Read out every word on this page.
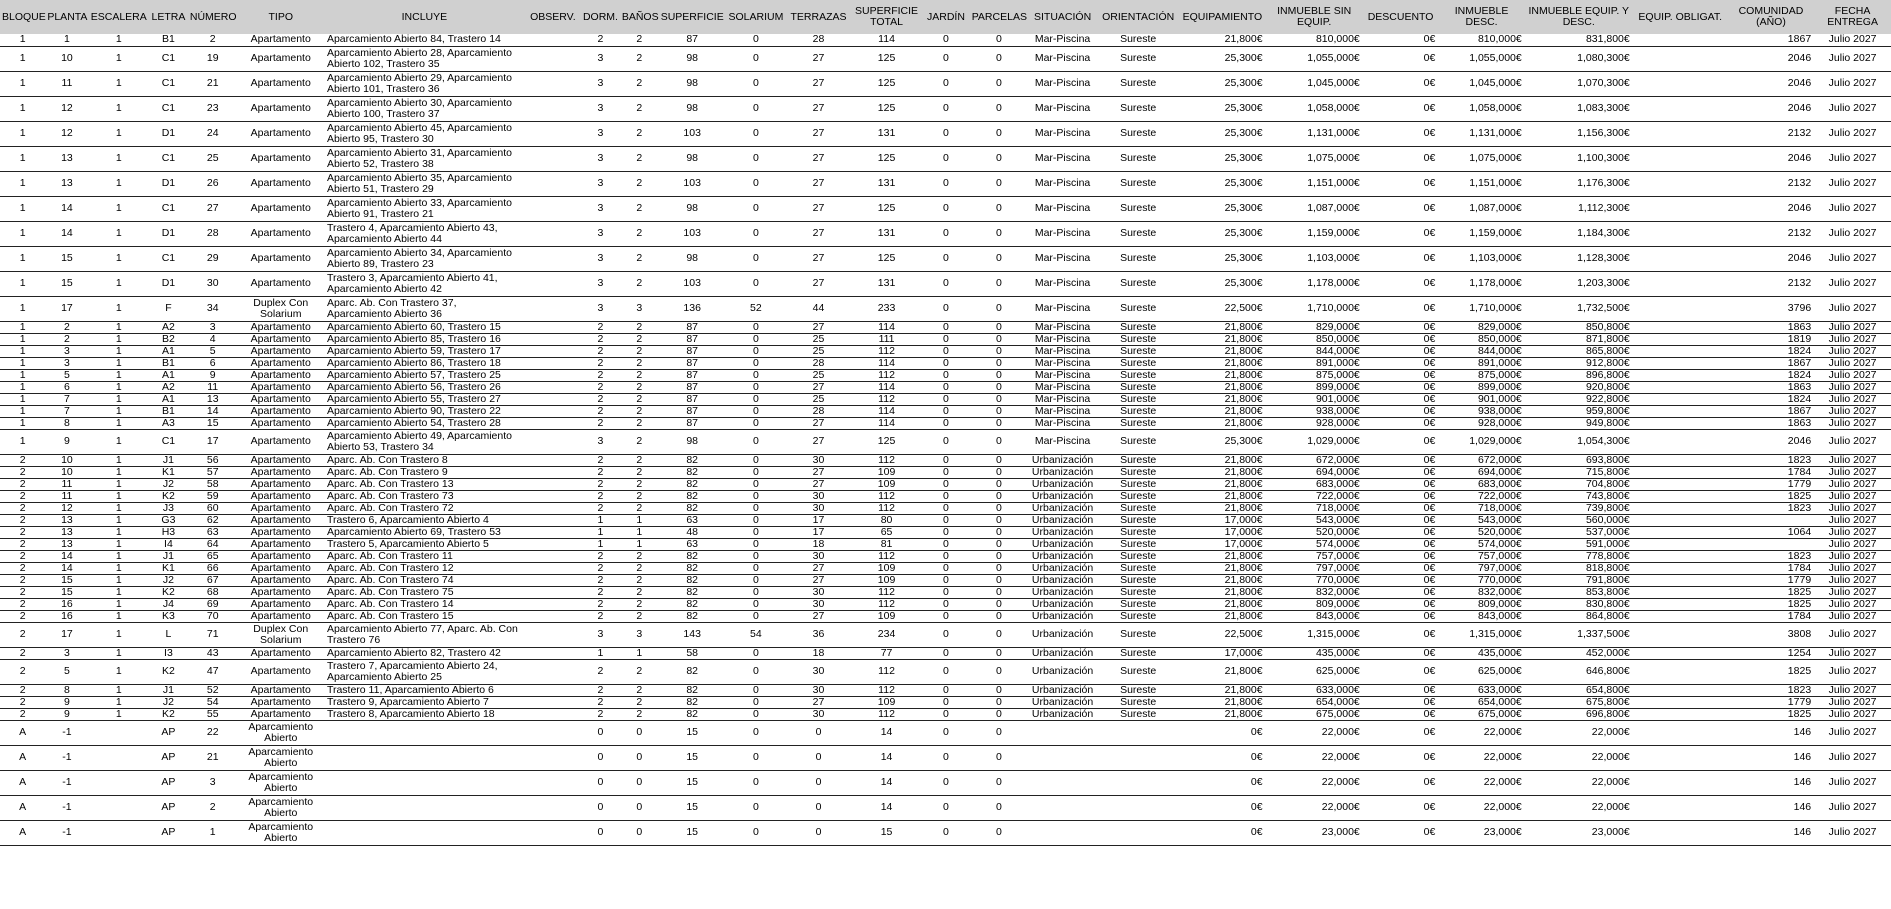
BLOQUE	PLANTA	ESCALERA	LETRA	NÚMERO	TIPO	INCLUYE	OBSERV.	DORM.	BAÑOS	SUPERFICIE	SOLARIUM	TERRAZAS	SUPERFICIE TOTAL	JARDÍN	PARCELAS	SITUACIÓN	ORIENTACIÓN	EQUIPAMIENTO	INMUEBLE SIN EQUIP.	DESCUENTO	INMUEBLE DESC.	INMUEBLE EQUIP. Y DESC.	EQUIP. OBLIGAT.	COMUNIDAD (AÑO)	FECHA ENTREGA
1	1	1	B1	2	Apartamento	Aparcamiento Abierto 84, Trastero 14		2	2	87	0	28	114	0	0	Mar-Piscina	Sureste	21,800€	810,000€	0€	810,000€	831,800€		1867	Julio 2027
1	10	1	C1	19	Apartamento	Aparcamiento Abierto 28, Aparcamiento Abierto 102, Trastero 35		3	2	98	0	27	125	0	0	Mar-Piscina	Sureste	25,300€	1,055,000€	0€	1,055,000€	1,080,300€		2046	Julio 2027
1	11	1	C1	21	Apartamento	Aparcamiento Abierto 29, Aparcamiento Abierto 101, Trastero 36		3	2	98	0	27	125	0	0	Mar-Piscina	Sureste	25,300€	1,045,000€	0€	1,045,000€	1,070,300€		2046	Julio 2027
1	12	1	C1	23	Apartamento	Aparcamiento Abierto 30, Aparcamiento Abierto 100, Trastero 37		3	2	98	0	27	125	0	0	Mar-Piscina	Sureste	25,300€	1,058,000€	0€	1,058,000€	1,083,300€		2046	Julio 2027
1	12	1	D1	24	Apartamento	Aparcamiento Abierto 45, Aparcamiento Abierto 95, Trastero 30		3	2	103	0	27	131	0	0	Mar-Piscina	Sureste	25,300€	1,131,000€	0€	1,131,000€	1,156,300€		2132	Julio 2027
1	13	1	C1	25	Apartamento	Aparcamiento Abierto 31, Aparcamiento Abierto 52, Trastero 38		3	2	98	0	27	125	0	0	Mar-Piscina	Sureste	25,300€	1,075,000€	0€	1,075,000€	1,100,300€		2046	Julio 2027
1	13	1	D1	26	Apartamento	Aparcamiento Abierto 35, Aparcamiento Abierto 51, Trastero 29		3	2	103	0	27	131	0	0	Mar-Piscina	Sureste	25,300€	1,151,000€	0€	1,151,000€	1,176,300€		2132	Julio 2027
1	14	1	C1	27	Apartamento	Aparcamiento Abierto 33, Aparcamiento Abierto 91, Trastero 21		3	2	98	0	27	125	0	0	Mar-Piscina	Sureste	25,300€	1,087,000€	0€	1,087,000€	1,112,300€		2046	Julio 2027
1	14	1	D1	28	Apartamento	Trastero 4, Aparcamiento Abierto 43, Aparcamiento Abierto 44		3	2	103	0	27	131	0	0	Mar-Piscina	Sureste	25,300€	1,159,000€	0€	1,159,000€	1,184,300€		2132	Julio 2027
1	15	1	C1	29	Apartamento	Aparcamiento Abierto 34, Aparcamiento Abierto 89, Trastero 23		3	2	98	0	27	125	0	0	Mar-Piscina	Sureste	25,300€	1,103,000€	0€	1,103,000€	1,128,300€		2046	Julio 2027
1	15	1	D1	30	Apartamento	Trastero 3, Aparcamiento Abierto 41, Aparcamiento Abierto 42		3	2	103	0	27	131	0	0	Mar-Piscina	Sureste	25,300€	1,178,000€	0€	1,178,000€	1,203,300€		2132	Julio 2027
1	17	1	F	34	Duplex Con Solarium	Aparc. Ab. Con Trastero 37, Aparcamiento Abierto 36		3	3	136	52	44	233	0	0	Mar-Piscina	Sureste	22,500€	1,710,000€	0€	1,710,000€	1,732,500€		3796	Julio 2027
1	2	1	A2	3	Apartamento	Aparcamiento Abierto 60, Trastero 15		2	2	87	0	27	114	0	0	Mar-Piscina	Sureste	21,800€	829,000€	0€	829,000€	850,800€		1863	Julio 2027
1	2	1	B2	4	Apartamento	Aparcamiento Abierto 85, Trastero 16		2	2	87	0	25	111	0	0	Mar-Piscina	Sureste	21,800€	850,000€	0€	850,000€	871,800€		1819	Julio 2027
1	3	1	A1	5	Apartamento	Aparcamiento Abierto 59, Trastero 17		2	2	87	0	25	112	0	0	Mar-Piscina	Sureste	21,800€	844,000€	0€	844,000€	865,800€		1824	Julio 2027
1	3	1	B1	6	Apartamento	Aparcamiento Abierto 86, Trastero 18		2	2	87	0	28	114	0	0	Mar-Piscina	Sureste	21,800€	891,000€	0€	891,000€	912,800€		1867	Julio 2027
1	5	1	A1	9	Apartamento	Aparcamiento Abierto 57, Trastero 25		2	2	87	0	25	112	0	0	Mar-Piscina	Sureste	21,800€	875,000€	0€	875,000€	896,800€		1824	Julio 2027
1	6	1	A2	11	Apartamento	Aparcamiento Abierto 56, Trastero 26		2	2	87	0	27	114	0	0	Mar-Piscina	Sureste	21,800€	899,000€	0€	899,000€	920,800€		1863	Julio 2027
1	7	1	A1	13	Apartamento	Aparcamiento Abierto 55, Trastero 27		2	2	87	0	25	112	0	0	Mar-Piscina	Sureste	21,800€	901,000€	0€	901,000€	922,800€		1824	Julio 2027
1	7	1	B1	14	Apartamento	Aparcamiento Abierto 90, Trastero 22		2	2	87	0	28	114	0	0	Mar-Piscina	Sureste	21,800€	938,000€	0€	938,000€	959,800€		1867	Julio 2027
1	8	1	A3	15	Apartamento	Aparcamiento Abierto 54, Trastero 28		2	2	87	0	27	114	0	0	Mar-Piscina	Sureste	21,800€	928,000€	0€	928,000€	949,800€		1863	Julio 2027
1	9	1	C1	17	Apartamento	Aparcamiento Abierto 49, Aparcamiento Abierto 53, Trastero 34		3	2	98	0	27	125	0	0	Mar-Piscina	Sureste	25,300€	1,029,000€	0€	1,029,000€	1,054,300€		2046	Julio 2027
2	10	1	J1	56	Apartamento	Aparc. Ab. Con Trastero 8		2	2	82	0	30	112	0	0	Urbanización	Sureste	21,800€	672,000€	0€	672,000€	693,800€		1823	Julio 2027
2	10	1	K1	57	Apartamento	Aparc. Ab. Con Trastero 9		2	2	82	0	27	109	0	0	Urbanización	Sureste	21,800€	694,000€	0€	694,000€	715,800€		1784	Julio 2027
2	11	1	J2	58	Apartamento	Aparc. Ab. Con Trastero 13		2	2	82	0	27	109	0	0	Urbanización	Sureste	21,800€	683,000€	0€	683,000€	704,800€		1779	Julio 2027
2	11	1	K2	59	Apartamento	Aparc. Ab. Con Trastero 73		2	2	82	0	30	112	0	0	Urbanización	Sureste	21,800€	722,000€	0€	722,000€	743,800€		1825	Julio 2027
2	12	1	J3	60	Apartamento	Aparc. Ab. Con Trastero 72		2	2	82	0	30	112	0	0	Urbanización	Sureste	21,800€	718,000€	0€	718,000€	739,800€		1823	Julio 2027
2	13	1	G3	62	Apartamento	Trastero 6, Aparcamiento Abierto 4		1	1	63	0	17	80	0	0	Urbanización	Sureste	17,000€	543,000€	0€	543,000€	560,000€			Julio 2027
2	13	1	H3	63	Apartamento	Aparcamiento Abierto 69, Trastero 53		1	1	48	0	17	65	0	0	Urbanización	Sureste	17,000€	520,000€	0€	520,000€	537,000€		1064	Julio 2027
2	13	1	I4	64	Apartamento	Trastero 5, Aparcamiento Abierto 5		1	1	63	0	18	81	0	0	Urbanización	Sureste	17,000€	574,000€	0€	574,000€	591,000€			Julio 2027
2	14	1	J1	65	Apartamento	Aparc. Ab. Con Trastero 11		2	2	82	0	30	112	0	0	Urbanización	Sureste	21,800€	757,000€	0€	757,000€	778,800€		1823	Julio 2027
2	14	1	K1	66	Apartamento	Aparc. Ab. Con Trastero 12		2	2	82	0	27	109	0	0	Urbanización	Sureste	21,800€	797,000€	0€	797,000€	818,800€		1784	Julio 2027
2	15	1	J2	67	Apartamento	Aparc. Ab. Con Trastero 74		2	2	82	0	27	109	0	0	Urbanización	Sureste	21,800€	770,000€	0€	770,000€	791,800€		1779	Julio 2027
2	15	1	K2	68	Apartamento	Aparc. Ab. Con Trastero 75		2	2	82	0	30	112	0	0	Urbanización	Sureste	21,800€	832,000€	0€	832,000€	853,800€		1825	Julio 2027
2	16	1	J4	69	Apartamento	Aparc. Ab. Con Trastero 14		2	2	82	0	30	112	0	0	Urbanización	Sureste	21,800€	809,000€	0€	809,000€	830,800€		1825	Julio 2027
2	16	1	K3	70	Apartamento	Aparc. Ab. Con Trastero 15		2	2	82	0	27	109	0	0	Urbanización	Sureste	21,800€	843,000€	0€	843,000€	864,800€		1784	Julio 2027
2	17	1	L	71	Duplex Con Solarium	Aparcamiento Abierto 77, Aparc. Ab. Con Trastero 76		3	3	143	54	36	234	0	0	Urbanización	Sureste	22,500€	1,315,000€	0€	1,315,000€	1,337,500€		3808	Julio 2027
2	3	1	I3	43	Apartamento	Aparcamiento Abierto 82, Trastero 42		1	1	58	0	18	77	0	0	Urbanización	Sureste	17,000€	435,000€	0€	435,000€	452,000€		1254	Julio 2027
2	5	1	K2	47	Apartamento	Trastero 7, Aparcamiento Abierto 24, Aparcamiento Abierto 25		2	2	82	0	30	112	0	0	Urbanización	Sureste	21,800€	625,000€	0€	625,000€	646,800€		1825	Julio 2027
2	8	1	J1	52	Apartamento	Trastero 11, Aparcamiento Abierto 6		2	2	82	0	30	112	0	0	Urbanización	Sureste	21,800€	633,000€	0€	633,000€	654,800€		1823	Julio 2027
2	9	1	J2	54	Apartamento	Trastero 9, Aparcamiento Abierto 7		2	2	82	0	27	109	0	0	Urbanización	Sureste	21,800€	654,000€	0€	654,000€	675,800€		1779	Julio 2027
2	9	1	K2	55	Apartamento	Trastero 8, Aparcamiento Abierto 18		2	2	82	0	30	112	0	0	Urbanización	Sureste	21,800€	675,000€	0€	675,000€	696,800€		1825	Julio 2027
A	-1		AP	22	Aparcamiento Abierto			0	0	15	0	0	14	0	0			0€	22,000€	0€	22,000€	22,000€		146	Julio 2027
A	-1		AP	21	Aparcamiento Abierto			0	0	15	0	0	14	0	0			0€	22,000€	0€	22,000€	22,000€		146	Julio 2027
A	-1		AP	3	Aparcamiento Abierto			0	0	15	0	0	14	0	0			0€	22,000€	0€	22,000€	22,000€		146	Julio 2027
A	-1		AP	2	Aparcamiento Abierto			0	0	15	0	0	14	0	0			0€	22,000€	0€	22,000€	22,000€		146	Julio 2027
A	-1		AP	1	Aparcamiento Abierto			0	0	15	0	0	15	0	0			0€	23,000€	0€	23,000€	23,000€		146	Julio 2027
